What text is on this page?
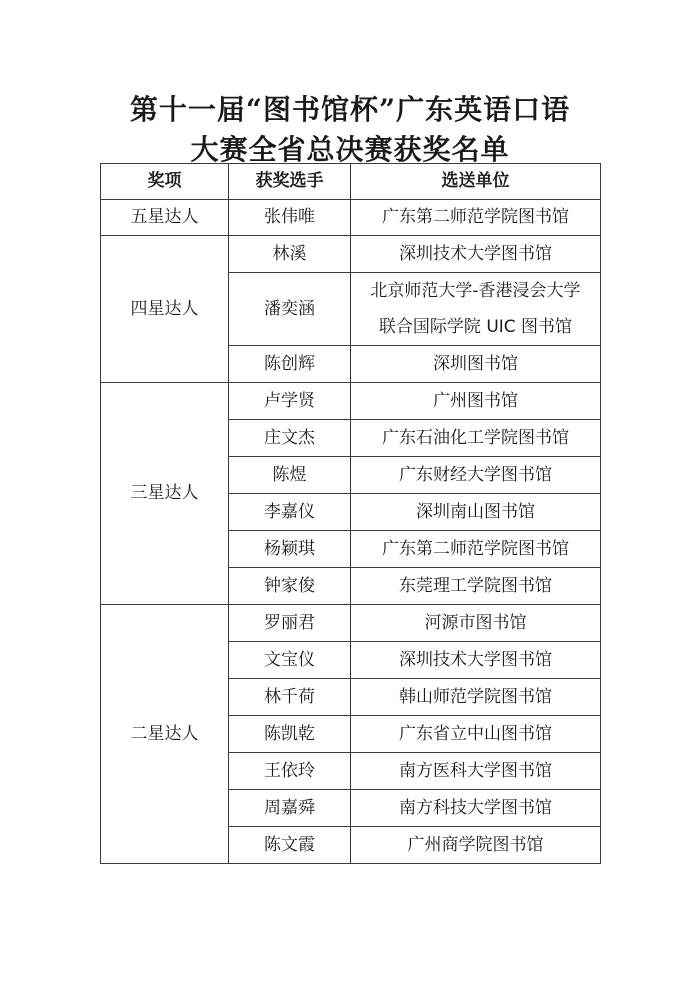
第十一届“图书馆杯”广东英语口语
大赛全省总决赛获奖名单
奖项	获奖选手	选送单位
五星达人	张伟唯	广东第二师范学院图书馆
四星达人	林溪	深圳技术大学图书馆
	潘奕涵	北京师范大学-香港浸会大学
联合国际学院 UIC 图书馆
	陈创辉	深圳图书馆
三星达人	卢学贤	广州图书馆
	庄文杰	广东石油化工学院图书馆
	陈煜	广东财经大学图书馆
	李嘉仪	深圳南山图书馆
	杨颖琪	广东第二师范学院图书馆
	钟家俊	东莞理工学院图书馆
二星达人	罗丽君	河源市图书馆
	文宝仪	深圳技术大学图书馆
	林千荷	韩山师范学院图书馆
	陈凯乾	广东省立中山图书馆
	王依玲	南方医科大学图书馆
	周嘉舜	南方科技大学图书馆
	陈文霞	广州商学院图书馆
